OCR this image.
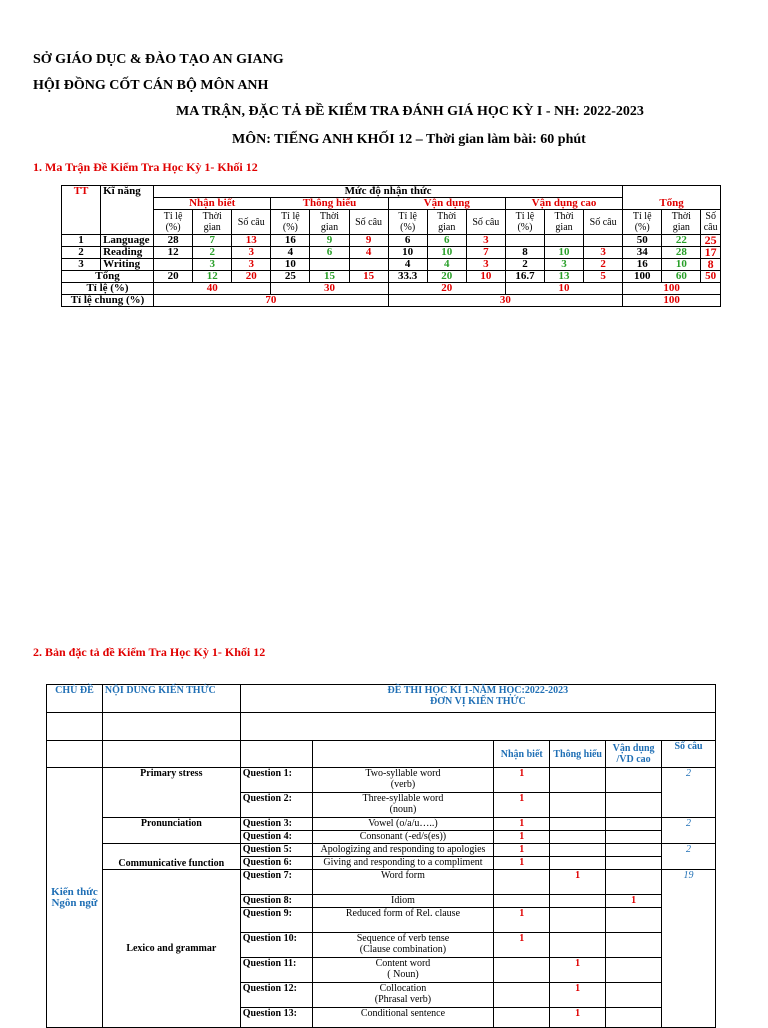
SỞ GIÁO DỤC & ĐÀO TẠO AN GIANG
HỘI ĐỒNG CỐT CÁN BỘ MÔN ANH
MA TRẬN, ĐẶC TẢ ĐỀ KIỂM TRA ĐÁNH GIÁ HỌC KỲ I - NH: 2022-2023
MÔN: TIẾNG ANH KHỐI 12 – Thời gian làm bài: 60 phút
1. Ma Trận Đề Kiểm Tra Học Kỳ 1- Khối 12
TT	Kĩ năng	Mức độ nhận thức												Tổng		
		Nhận biết			Thông hiểu			Vận dụng			Vận dụng cao					
		Tỉ lệ (%)	Thời gian	Số câu	Tỉ lệ (%)	Thời gian	Số câu	Tỉ lệ (%)	Thời gian	Số câu	Tỉ lệ (%)	Thời gian	Số câu	Tỉ lệ (%)	Thời gian	Số câu
1	Language	28	7	13	16	9	9	6	6	3				50	22	25
2	Reading	12	2	3	4	6	4	10	10	7	8	10	3	34	28	17
3	Writing		3	3	10			4	4	3	2	3	2	16	10	8
Tổng		20	12	20	25	15	15	33.3	20	10	16.7	13	5	100	60	50
Tỉ lệ (%)		40			30			20			10			100		
Tỉ lệ chung (%)		70						30						100		
2. Bản đặc tả đề Kiểm Tra Học Kỳ 1- Khối 12
CHỦ ĐỀ	NỘI DUNG KIẾN THỨC	ĐỀ THI HỌC KÌ 1-NĂM HỌC:2022-2023
ĐƠN VỊ KIẾN THỨC					

				Nhận biết	Thông hiểu	Vận dụng /VD cao	Số câu
Kiến thức Ngôn ngữ	Primary stress	Question 1:	Two-syllable word
(verb)	1			2
		Question 2:	Three-syllable word
(noun)	1			
	Pronunciation	Question 3:	Vowel (o/a/u…..)	1			2
		Question 4:	Consonant (-ed/s(es))	1			
	Communicative function	Question 5:	Apologizing and responding to apologies	1			2
		Question 6:	Giving and responding to a compliment	1			
	Lexico and grammar	Question 7:	Word form		1		19
		Question 8:	Idiom			1	
		Question 9:	Reduced form of Rel. clause	1			
		Question 10:	Sequence of verb tense
(Clause combination)	1			
		Question 11:	Content word
( Noun)		1		
		Question 12:	Collocation
(Phrasal verb)		1		
		Question 13:	Conditional sentence		1		
